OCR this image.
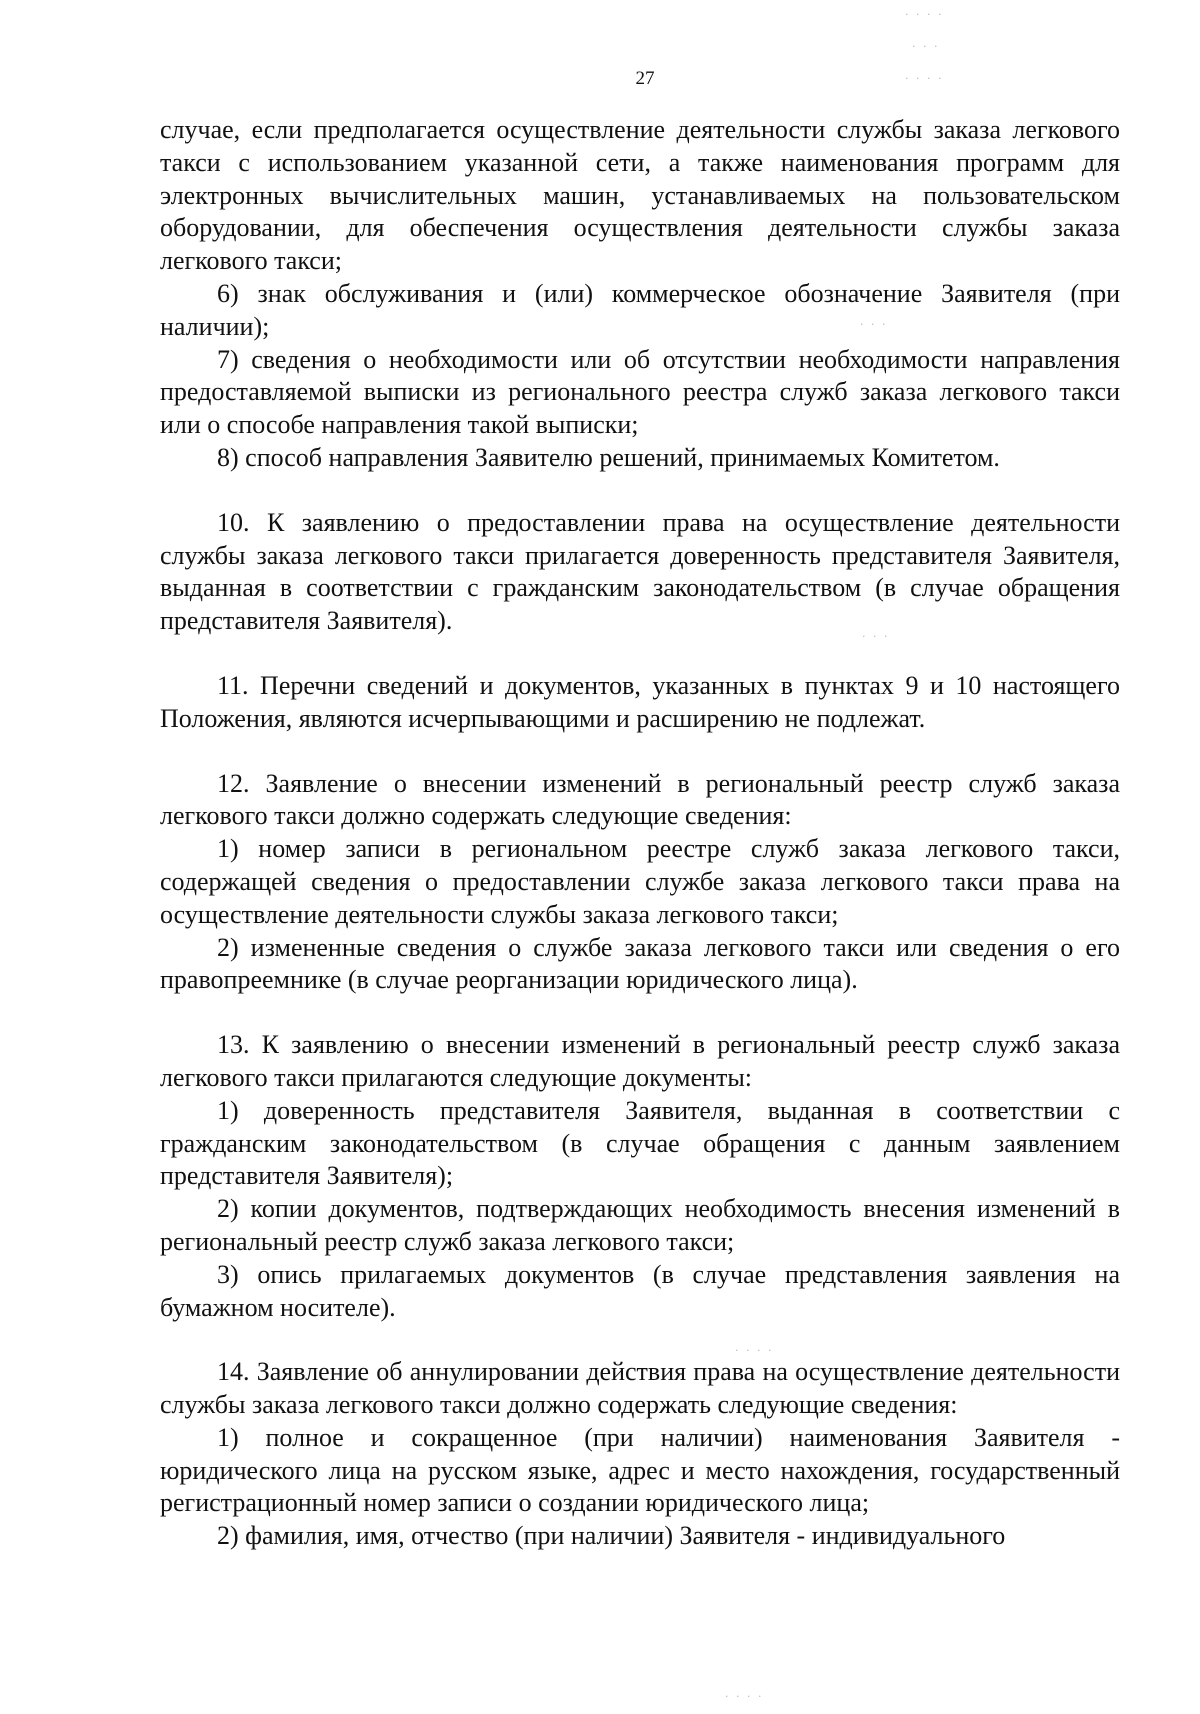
27

случае, если предполагается осуществление деятельности службы заказа легкового такси с использованием указанной сети, а также наименования программ для электронных вычислительных машин, устанавливаемых на пользовательском оборудовании, для обеспечения осуществления деятельности службы заказа легкового такси;

6) знак обслуживания и (или) коммерческое обозначение Заявителя (при наличии);

7) сведения о необходимости или об отсутствии необходимости направления предоставляемой выписки из регионального реестра служб заказа легкового такси или о способе направления такой выписки;

8) способ направления Заявителю решений, принимаемых Комитетом.

10. К заявлению о предоставлении права на осуществление деятельности службы заказа легкового такси прилагается доверенность представителя Заявителя, выданная в соответствии с гражданским законодательством (в случае обращения представителя Заявителя).

11. Перечни сведений и документов, указанных в пунктах 9 и 10 настоящего Положения, являются исчерпывающими и расширению не подлежат.

12. Заявление о внесении изменений в региональный реестр служб заказа легкового такси должно содержать следующие сведения:

1) номер записи в региональном реестре служб заказа легкового такси, содержащей сведения о предоставлении службе заказа легкового такси права на осуществление деятельности службы заказа легкового такси;

2) измененные сведения о службе заказа легкового такси или сведения о его правопреемнике (в случае реорганизации юридического лица).

13. К заявлению о внесении изменений в региональный реестр служб заказа легкового такси прилагаются следующие документы:

1) доверенность представителя Заявителя, выданная в соответствии с гражданским законодательством (в случае обращения с данным заявлением представителя Заявителя);

2) копии документов, подтверждающих необходимость внесения изменений в региональный реестр служб заказа легкового такси;

3) опись прилагаемых документов (в случае представления заявления на бумажном носителе).

14. Заявление об аннулировании действия права на осуществление деятельности службы заказа легкового такси должно содержать следующие сведения:

1) полное и сокращенное (при наличии) наименования Заявителя - юридического лица на русском языке, адрес и место нахождения, государственный регистрационный номер записи о создании юридического лица;

2) фамилия, имя, отчество (при наличии) Заявителя - индивидуального

· · · ·
· · ·
· · · ·
· · ·
· · ·
· · · ·
· · · ·
